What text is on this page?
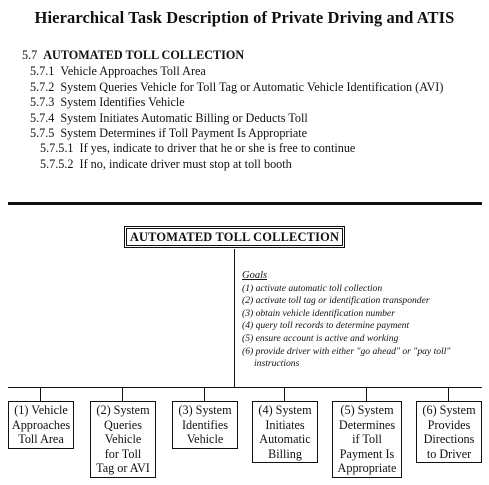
Hierarchical Task Description of Private Driving and ATIS
5.7 AUTOMATED TOLL COLLECTION
5.7.1 Vehicle Approaches Toll Area
5.7.2 System Queries Vehicle for Toll Tag or Automatic Vehicle Identification (AVI)
5.7.3 System Identifies Vehicle
5.7.4 System Initiates Automatic Billing or Deducts Toll
5.7.5 System Determines if Toll Payment Is Appropriate
5.7.5.1 If yes, indicate to driver that he or she is free to continue
5.7.5.2 If no, indicate driver must stop at toll booth
AUTOMATED TOLL COLLECTION
Goals
(1) activate automatic toll collection
(2) activate toll tag or identification transponder
(3) obtain vehicle identification number
(4) query toll records to determine payment
(5) ensure account is active and working
(6) provide driver with either "go ahead" or "pay toll"
instructions
(1) Vehicle
Approaches
Toll Area
(2) System
Queries
Vehicle
for Toll
Tag or AVI
(3) System
Identifies
Vehicle
(4) System
Initiates
Automatic
Billing
(5) System
Determines
if Toll
Payment Is
Appropriate
(6) System
Provides
Directions
to Driver
